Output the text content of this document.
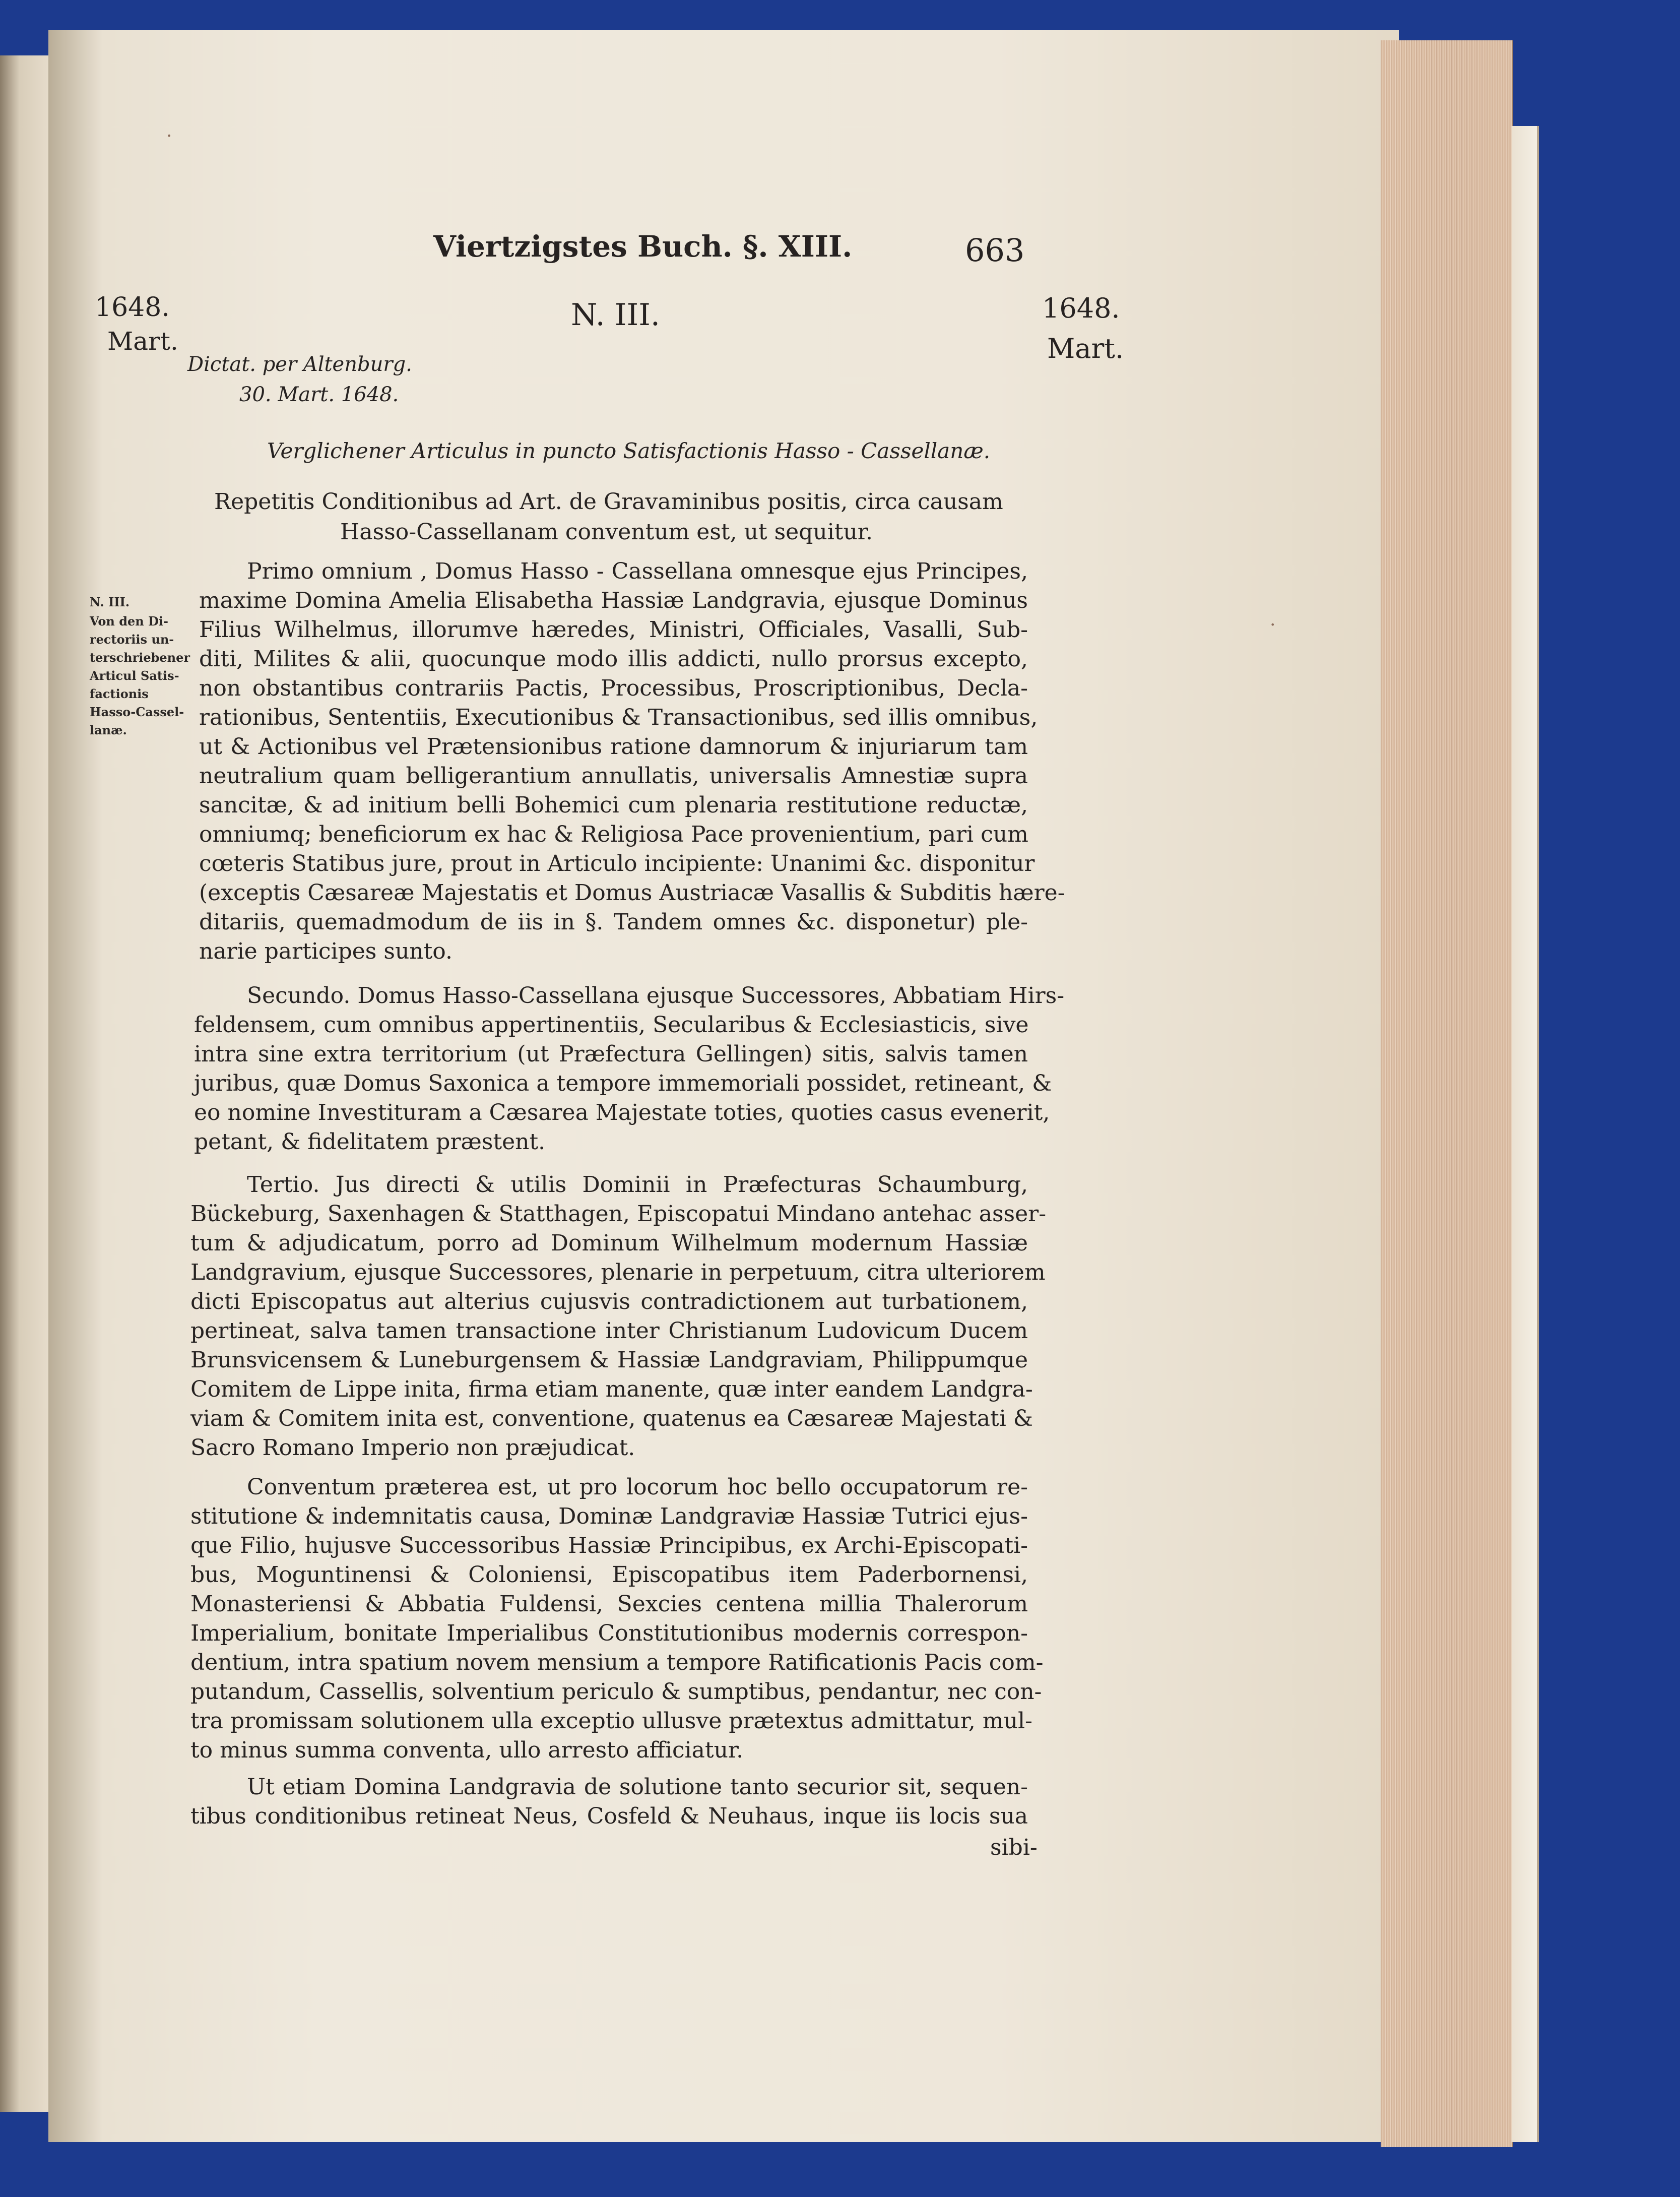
·
·
Viertzigstes Buch. §. XIII.	663
1648.
Mart.
1648.
Mart.
N. III.
Dictat. per Altenburg.
30. Mart. 1648.
Verglichener Articulus in puncto Satisfactionis Hasso - Cassellanæ.
Repetitis Conditionibus ad Art. de Gravaminibus positis, circa causam
Hasso-Cassellanam conventum est, ut sequitur.
N. III.
Von den Di-
rectoriis un-
terschriebener
Articul Satis-
factionis
Hasso-Cassel-
lanæ.
Primo omnium , Domus Hasso - Cassellana omnesque ejus Principes,
maxime Domina Amelia Elisabetha Hassiæ Landgravia, ejusque Dominus
Filius Wilhelmus, illorumve hæredes, Ministri, Officiales, Vasalli, Sub-
diti, Milites & alii, quocunque modo illis addicti, nullo prorsus excepto,
non obstantibus contrariis Pactis, Processibus, Proscriptionibus, Decla-
rationibus, Sententiis, Executionibus & Transactionibus, sed illis omnibus,
ut & Actionibus vel Prætensionibus ratione damnorum & injuriarum tam
neutralium quam belligerantium annullatis, universalis Amnestiæ supra
sancitæ, & ad initium belli Bohemici cum plenaria restitutione reductæ,
omniumq; beneficiorum ex hac & Religiosa Pace provenientium, pari cum
cœteris Statibus jure, prout in Articulo incipiente: Unanimi &c. disponitur
(exceptis Cæsareæ Majestatis et Domus Austriacæ Vasallis & Subditis hære-
ditariis, quemadmodum de iis in §. Tandem omnes &c. disponetur) ple-
narie participes sunto.
Secundo. Domus Hasso-Cassellana ejusque Successores, Abbatiam Hirs-
feldensem, cum omnibus appertinentiis, Secularibus & Ecclesiasticis, sive
intra sine extra territorium (ut Præfectura Gellingen) sitis, salvis tamen
juribus, quæ Domus Saxonica a tempore immemoriali possidet, retineant, &
eo nomine Investituram a Cæsarea Majestate toties, quoties casus evenerit,
petant, & fidelitatem præstent.
Tertio. Jus directi & utilis Dominii in Præfecturas Schaumburg,
Bückeburg, Saxenhagen & Statthagen, Episcopatui Mindano antehac asser-
tum & adjudicatum, porro ad Dominum Wilhelmum modernum Hassiæ
Landgravium, ejusque Successores, plenarie in perpetuum, citra ulteriorem
dicti Episcopatus aut alterius cujusvis contradictionem aut turbationem,
pertineat, salva tamen transactione inter Christianum Ludovicum Ducem
Brunsvicensem & Luneburgensem & Hassiæ Landgraviam, Philippumque
Comitem de Lippe inita, firma etiam manente, quæ inter eandem Landgra-
viam & Comitem inita est, conventione, quatenus ea Cæsareæ Majestati &
Sacro Romano Imperio non præjudicat.
Conventum præterea est, ut pro locorum hoc bello occupatorum re-
stitutione & indemnitatis causa, Dominæ Landgraviæ Hassiæ Tutrici ejus-
que Filio, hujusve Successoribus Hassiæ Principibus, ex Archi-Episcopati-
bus, Moguntinensi & Coloniensi, Episcopatibus item Paderbornensi,
Monasteriensi & Abbatia Fuldensi, Sexcies centena millia Thalerorum
Imperialium, bonitate Imperialibus Constitutionibus modernis correspon-
dentium, intra spatium novem mensium a tempore Ratificationis Pacis com-
putandum, Cassellis, solventium periculo & sumptibus, pendantur, nec con-
tra promissam solutionem ulla exceptio ullusve prætextus admittatur, mul-
to minus summa conventa, ullo arresto afficiatur.
Ut etiam Domina Landgravia de solutione tanto securior sit, sequen-
tibus conditionibus retineat Neus, Cosfeld & Neuhaus, inque iis locis sua
sibi-
